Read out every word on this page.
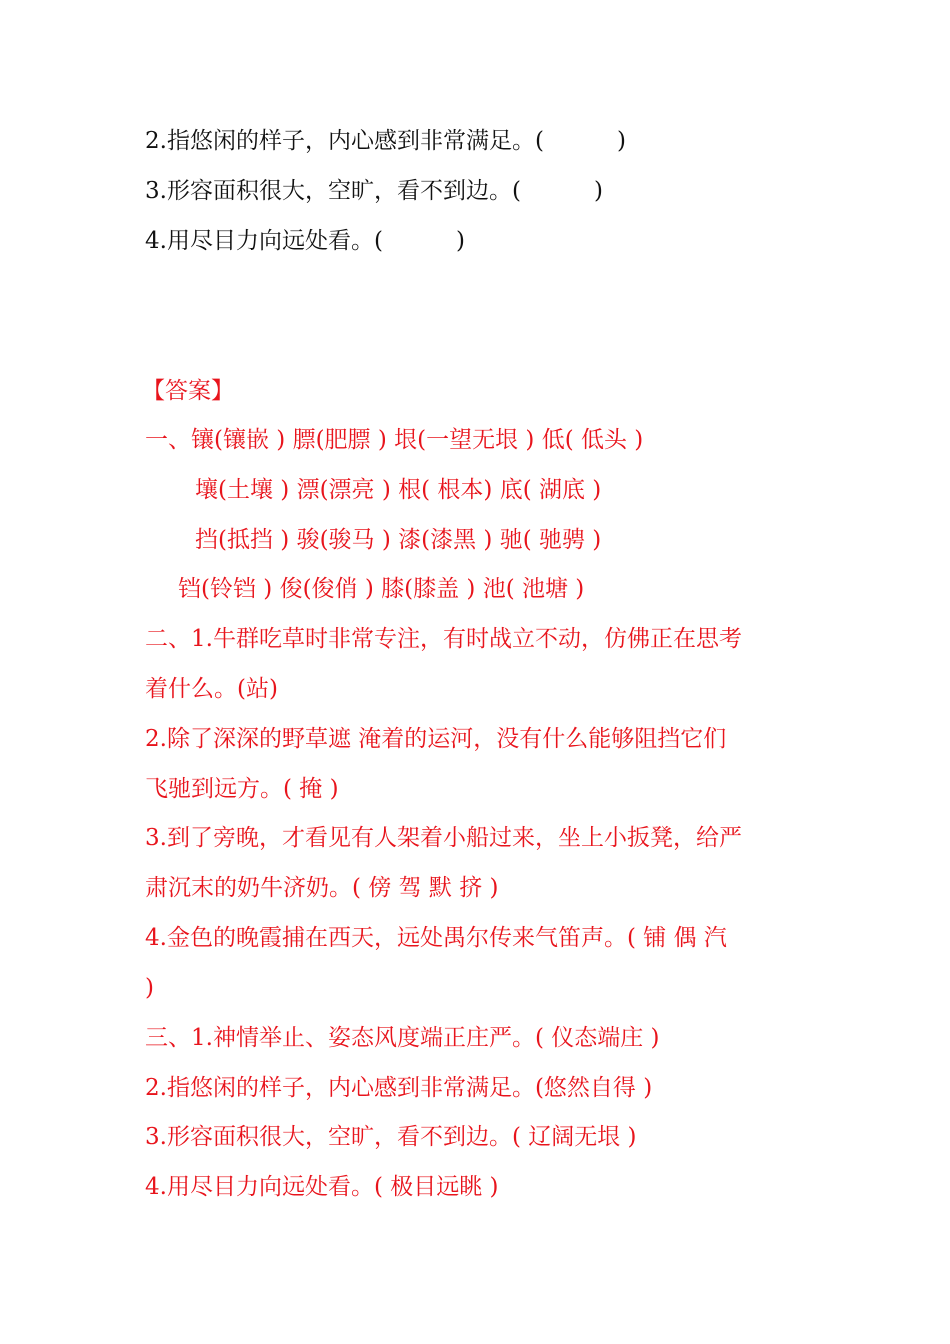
2.指悠闲的样子，内心感到非常满足。(          )

3.形容面积很大，空旷，看不到边。(          )

4.用尽目力向远处看。(          )

【答案】

一、镶(镶嵌 ) 膘(肥膘 ) 垠(一望无垠 ) 低( 低头 )

壤(土壤 ) 漂(漂亮 ) 根( 根本) 底( 湖底 )

挡(抵挡 ) 骏(骏马 ) 漆(漆黑 ) 驰( 驰骋 )

铛(铃铛 ) 俊(俊俏 ) 膝(膝盖 ) 池( 池塘 )

二、1.牛群吃草时非常专注，有时战立不动，仿佛正在思考

着什么。(站)

2.除了深深的野草遮 淹着的运河，没有什么能够阻挡它们

飞驰到远方。( 掩 )

3.到了旁晚，才看见有人架着小船过来，坐上小扳凳，给严

肃沉末的奶牛济奶。( 傍 驾 默 挤 )

4.金色的晚霞捕在西天，远处禺尔传来气笛声。( 铺 偶 汽

)

三、1.神情举止、姿态风度端正庄严。( 仪态端庄 )

2.指悠闲的样子，内心感到非常满足。(悠然自得 )

3.形容面积很大，空旷，看不到边。( 辽阔无垠 )

4.用尽目力向远处看。( 极目远眺 )
